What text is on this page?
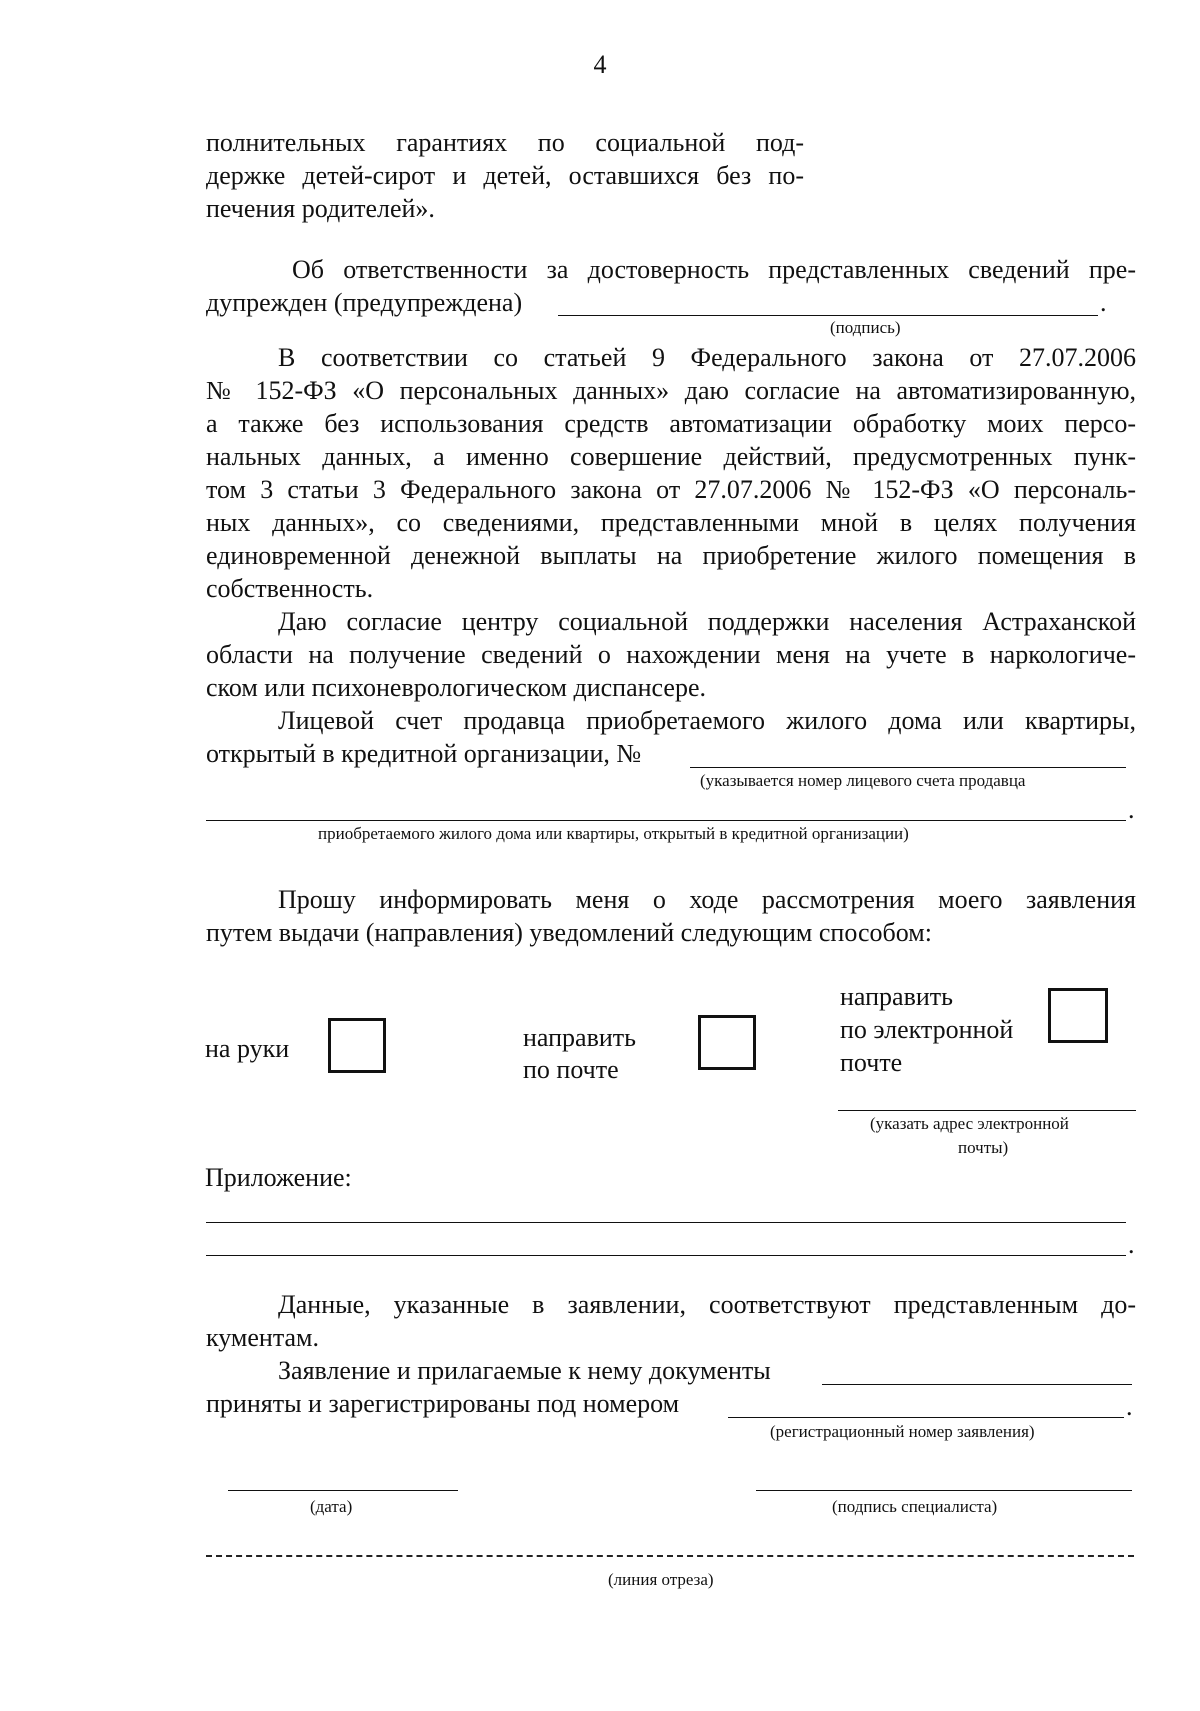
4
полнительных гарантиях по социальной под-
держке детей-сирот и детей, оставшихся без по-
печения родителей».
Об ответственности за достоверность представленных сведений пре-
дупрежден (предупреждена)	.
(подпись)
В соответствии со статьей 9 Федерального закона от 27.07.2006
№ 152-ФЗ «О персональных данных» даю согласие на автоматизированную,
а также без использования средств автоматизации обработку моих персо-
нальных данных, а именно совершение действий, предусмотренных пунк-
том 3 статьи 3 Федерального закона от 27.07.2006 № 152-ФЗ «О персональ-
ных данных», со сведениями, представленными мной в целях получения
единовременной денежной выплаты на приобретение жилого помещения в
собственность.
Даю согласие центру социальной поддержки населения Астраханской
области на получение сведений о нахождении меня на учете в наркологиче-
ском или психоневрологическом диспансере.
Лицевой счет продавца приобретаемого жилого дома или квартиры,
открытый в кредитной организации, №
(указывается номер лицевого счета продавца
.
приобретаемого жилого дома или квартиры, открытый в кредитной организации)
Прошу информировать меня о ходе рассмотрения моего заявления
путем выдачи (направления) уведомлений следующим способом:
на руки	направить
по почте
направить
по электронной
почте
(указать адрес электронной
почты)
Приложение:
.
Данные, указанные в заявлении, соответствуют представленным до-
кументам.
Заявление и прилагаемые к нему документы
приняты и зарегистрированы под номером	.
(регистрационный номер заявления)
(дата)	(подпись специалиста)
(линия отреза)
